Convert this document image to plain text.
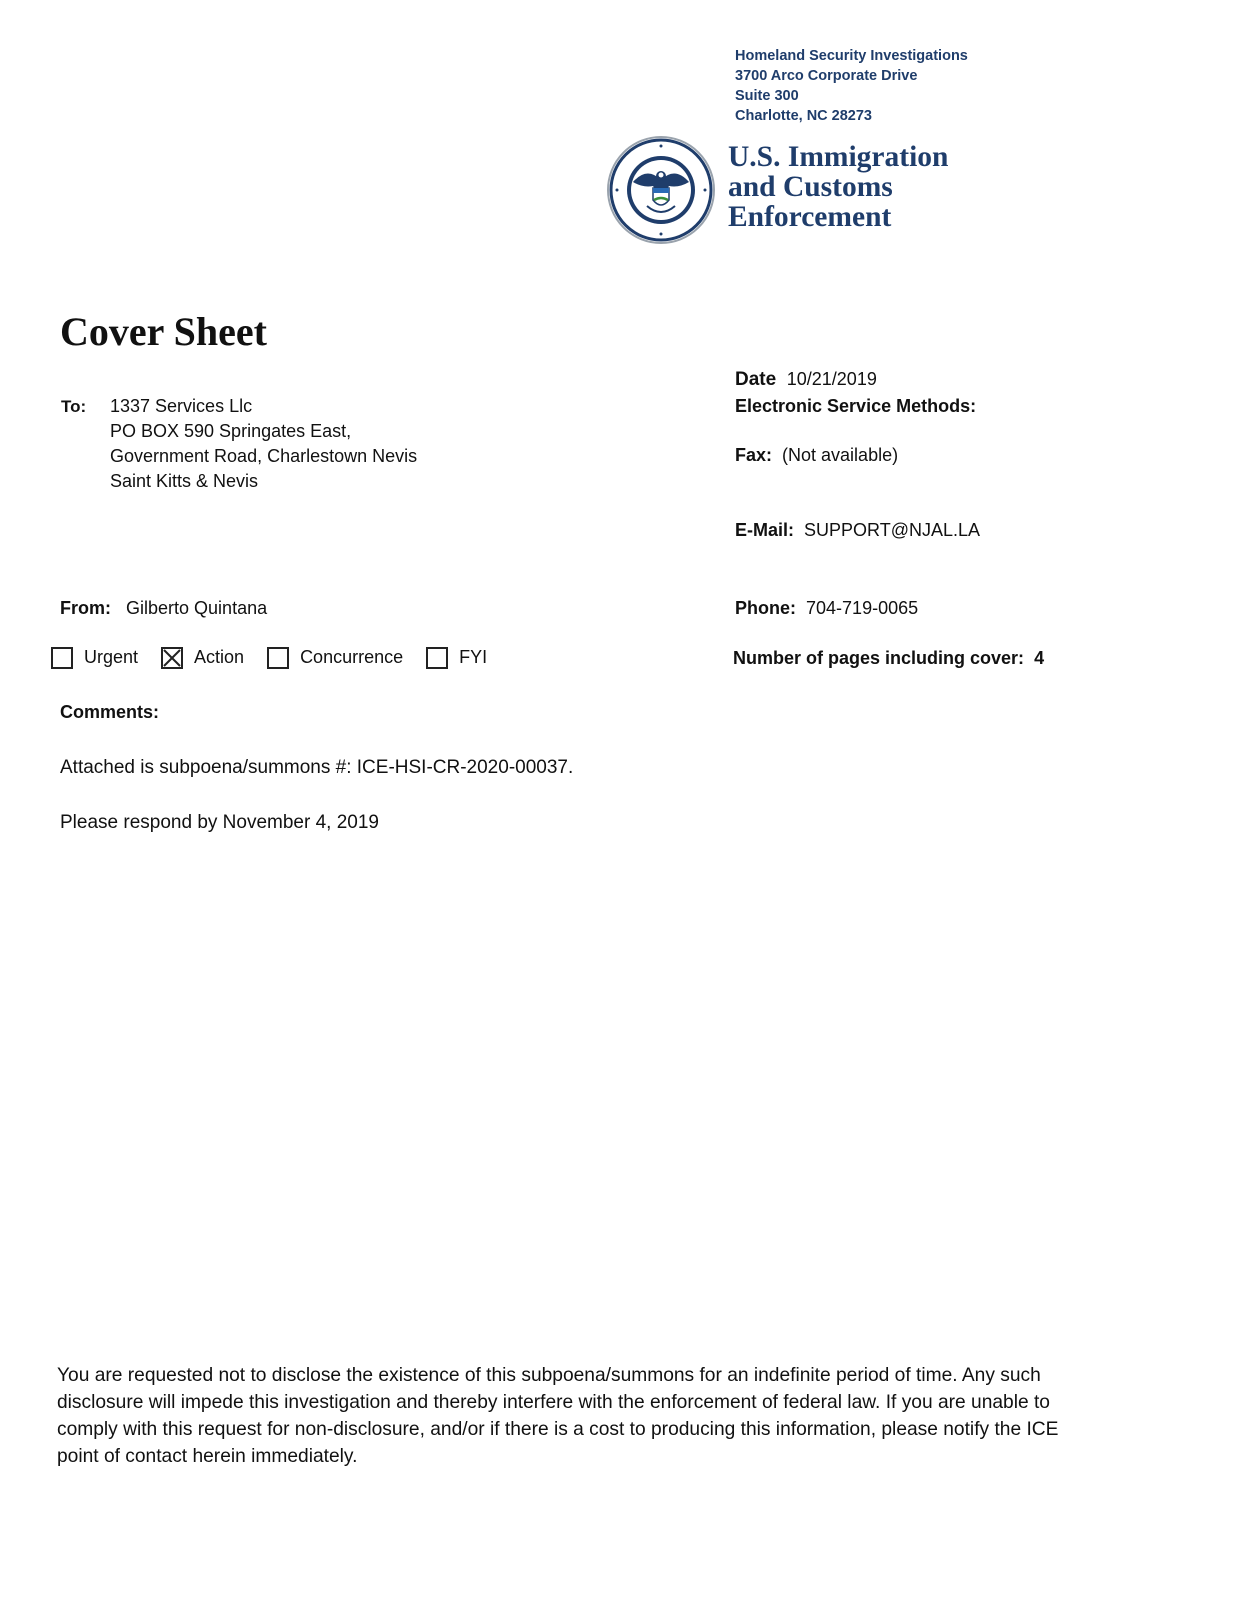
Homeland Security Investigations
3700 Arco Corporate Drive
Suite 300
Charlotte, NC 28273
U.S. Immigration
and Customs
Enforcement
Cover Sheet
To: 1337 Services Llc
PO BOX 590 Springates East,
Government Road, Charlestown Nevis
Saint Kitts & Nevis
Date 10/21/2019
Electronic Service Methods:
Fax: (Not available)
E-Mail: SUPPORT@NJAL.LA
From: Gilberto Quintana	Phone: 704-719-0065
Urgent	Action	Concurrence	FYI	Number of pages including cover: 4
Comments:
Attached is subpoena/summons #: ICE-HSI-CR-2020-00037.
Please respond by November 4, 2019
You are requested not to disclose the existence of this subpoena/summons for an indefinite period of time. Any such
disclosure will impede this investigation and thereby interfere with the enforcement of federal law. If you are unable to
comply with this request for non-disclosure, and/or if there is a cost to producing this information, please notify the ICE
point of contact herein immediately.
